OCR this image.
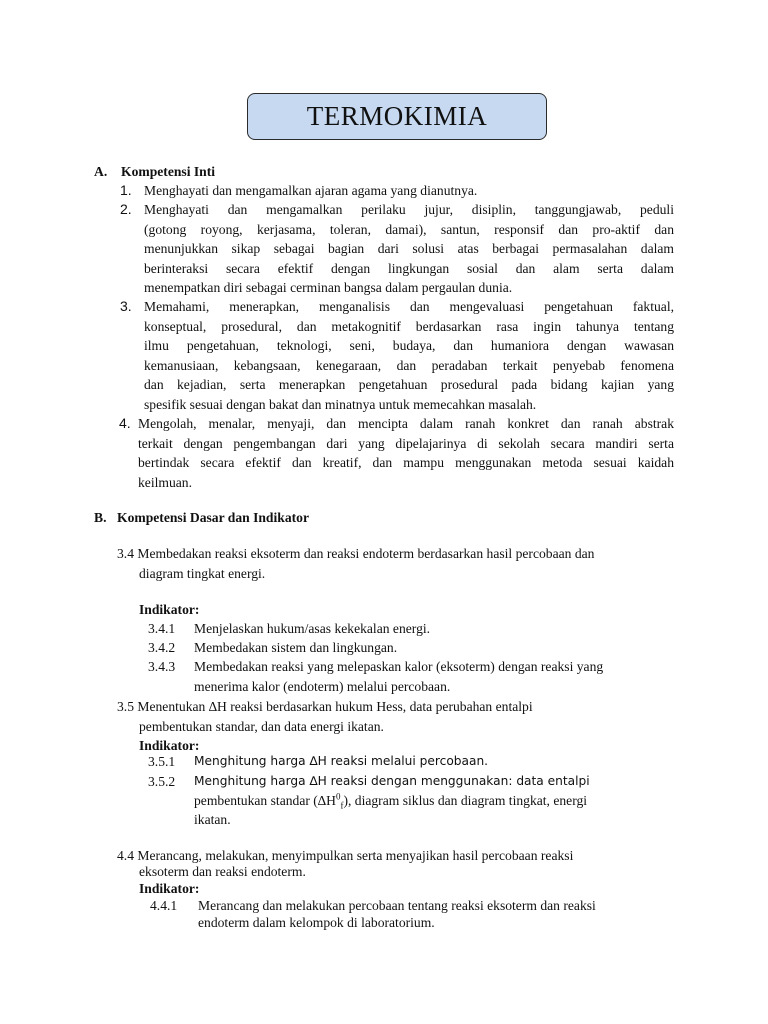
TERMOKIMIA
A. Kompetensi Inti
1. Menghayati dan mengamalkan ajaran agama yang dianutnya.
2. Menghayati dan mengamalkan perilaku jujur, disiplin, tanggungjawab, peduli
(gotong royong, kerjasama, toleran, damai), santun, responsif dan pro-aktif dan
menunjukkan sikap sebagai bagian dari solusi atas berbagai permasalahan dalam
berinteraksi secara efektif dengan lingkungan sosial dan alam serta dalam
menempatkan diri sebagai cerminan bangsa dalam pergaulan dunia.
3. Memahami, menerapkan, menganalisis dan mengevaluasi pengetahuan faktual,
konseptual, prosedural, dan metakognitif berdasarkan rasa ingin tahunya tentang
ilmu pengetahuan, teknologi, seni, budaya, dan humaniora dengan wawasan
kemanusiaan, kebangsaan, kenegaraan, dan peradaban terkait penyebab fenomena
dan kejadian, serta menerapkan pengetahuan prosedural pada bidang kajian yang
spesifik sesuai dengan bakat dan minatnya untuk memecahkan masalah.
4. Mengolah, menalar, menyaji, dan mencipta dalam ranah konkret dan ranah abstrak
terkait dengan pengembangan dari yang dipelajarinya di sekolah secara mandiri serta
bertindak secara efektif dan kreatif, dan mampu menggunakan metoda sesuai kaidah
keilmuan.
B. Kompetensi Dasar dan Indikator
3.4 Membedakan reaksi eksoterm dan reaksi endoterm berdasarkan hasil percobaan dan
diagram tingkat energi.
Indikator:
3.4.1 Menjelaskan hukum/asas kekekalan energi.
3.4.2 Membedakan sistem dan lingkungan.
3.4.3 Membedakan reaksi yang melepaskan kalor (eksoterm) dengan reaksi yang
menerima kalor (endoterm) melalui percobaan.
3.5 Menentukan ∆H reaksi berdasarkan hukum Hess, data perubahan entalpi
pembentukan standar, dan data energi ikatan.
Indikator:
3.5.1 Menghitung harga ∆H reaksi melalui percobaan.
3.5.2 Menghitung harga ∆H reaksi dengan menggunakan: data entalpi
pembentukan standar $(\Delta H^0_f)$, diagram siklus dan diagram tingkat, energi
ikatan.
4.4 Merancang, melakukan, menyimpulkan serta menyajikan hasil percobaan reaksi
eksoterm dan reaksi endoterm.
Indikator:
4.4.1 Merancang dan melakukan percobaan tentang reaksi eksoterm dan reaksi
endoterm dalam kelompok di laboratorium.
